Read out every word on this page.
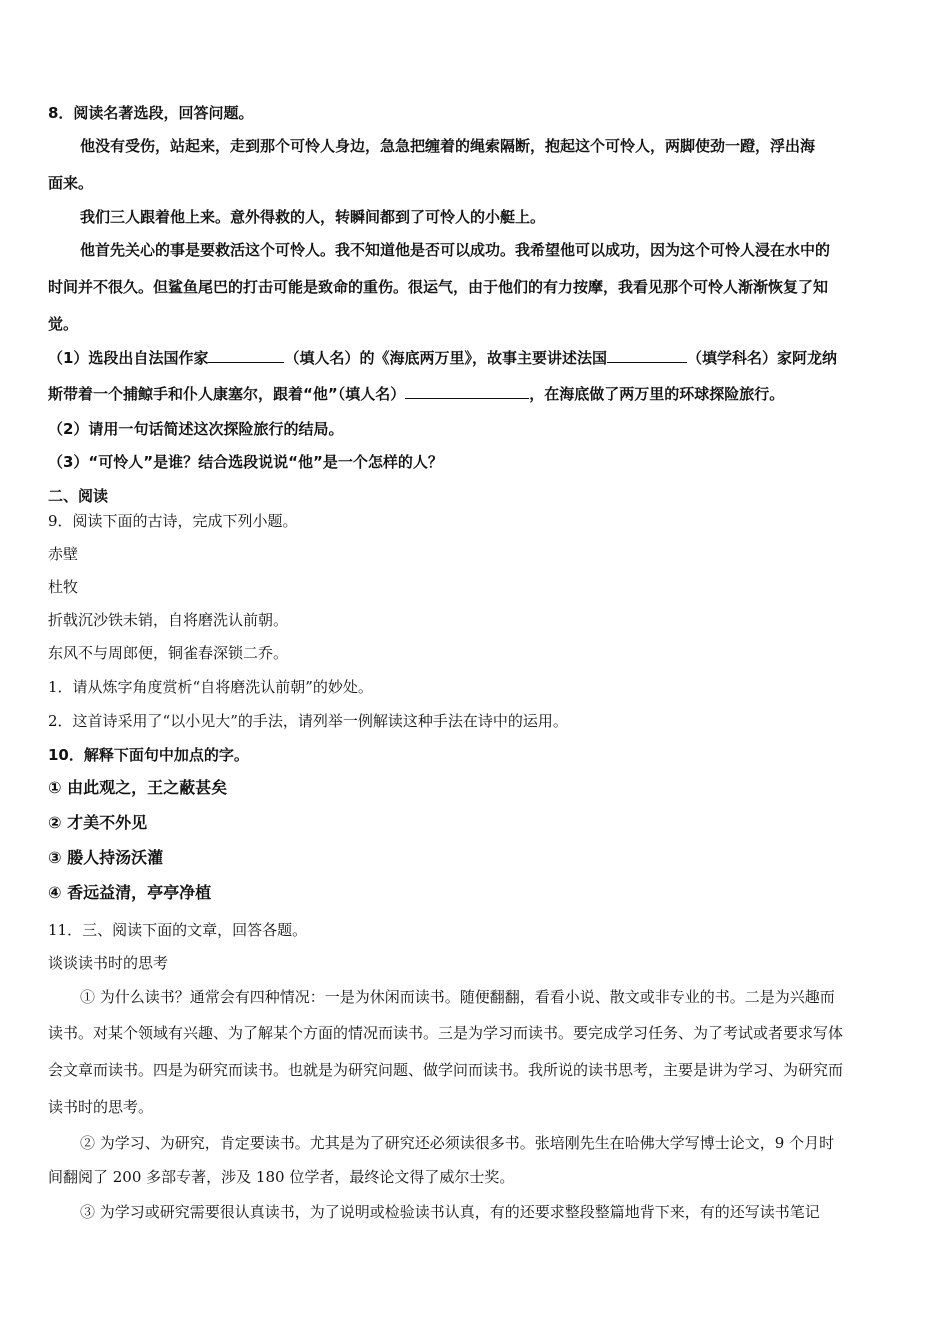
8．阅读名著选段，回答问题。
他没有受伤，站起来，走到那个可怜人身边，急急把缠着的绳索隔断，抱起这个可怜人，两脚使劲一蹬，浮出海
面来。
我们三人跟着他上来。意外得救的人，转瞬间都到了可怜人的小艇上。
他首先关心的事是要救活这个可怜人。我不知道他是否可以成功。我希望他可以成功，因为这个可怜人浸在水中的
时间并不很久。但鲨鱼尾巴的打击可能是致命的重伤。很运气，由于他们的有力按摩，我看见那个可怜人渐渐恢复了知
觉。
（1）选段出自法国作家	（填人名）的《海底两万里》，故事主要讲述法国	（填学科名）家阿龙纳
斯带着一个捕鲸手和仆人康塞尔，跟着“他”（填人名）	，在海底做了两万里的环球探险旅行。
（2）请用一句话简述这次探险旅行的结局。
（3）“可怜人”是谁？结合选段说说“他”是一个怎样的人？
二、阅读
9．阅读下面的古诗，完成下列小题。
赤壁
杜牧
折戟沉沙铁未销，自将磨洗认前朝。
东风不与周郎便，铜雀春深锁二乔。
1．请从炼字角度赏析“自将磨洗认前朝”的妙处。
2．这首诗采用了“以小见大”的手法，请列举一例解读这种手法在诗中的运用。
10．解释下面句中加点的字。
① 由此观之，王之蔽甚矣
② 才美不外见
③ 媵人持汤沃灌
④ 香远益清，亭亭净植
11．三、阅读下面的文章，回答各题。
谈谈读书时的思考
① 为什么读书？通常会有四种情况：一是为休闲而读书。随便翻翻，看看小说、散文或非专业的书。二是为兴趣而
读书。对某个领域有兴趣、为了解某个方面的情况而读书。三是为学习而读书。要完成学习任务、为了考试或者要求写体
会文章而读书。四是为研究而读书。也就是为研究问题、做学问而读书。我所说的读书思考，主要是讲为学习、为研究而
读书时的思考。
② 为学习、为研究，肯定要读书。尤其是为了研究还必须读很多书。张培刚先生在哈佛大学写博士论文，9 个月时
间翻阅了 200 多部专著，涉及 180 位学者，最终论文得了威尔士奖。
③ 为学习或研究需要很认真读书，为了说明或检验读书认真，有的还要求整段整篇地背下来，有的还写读书笔记
